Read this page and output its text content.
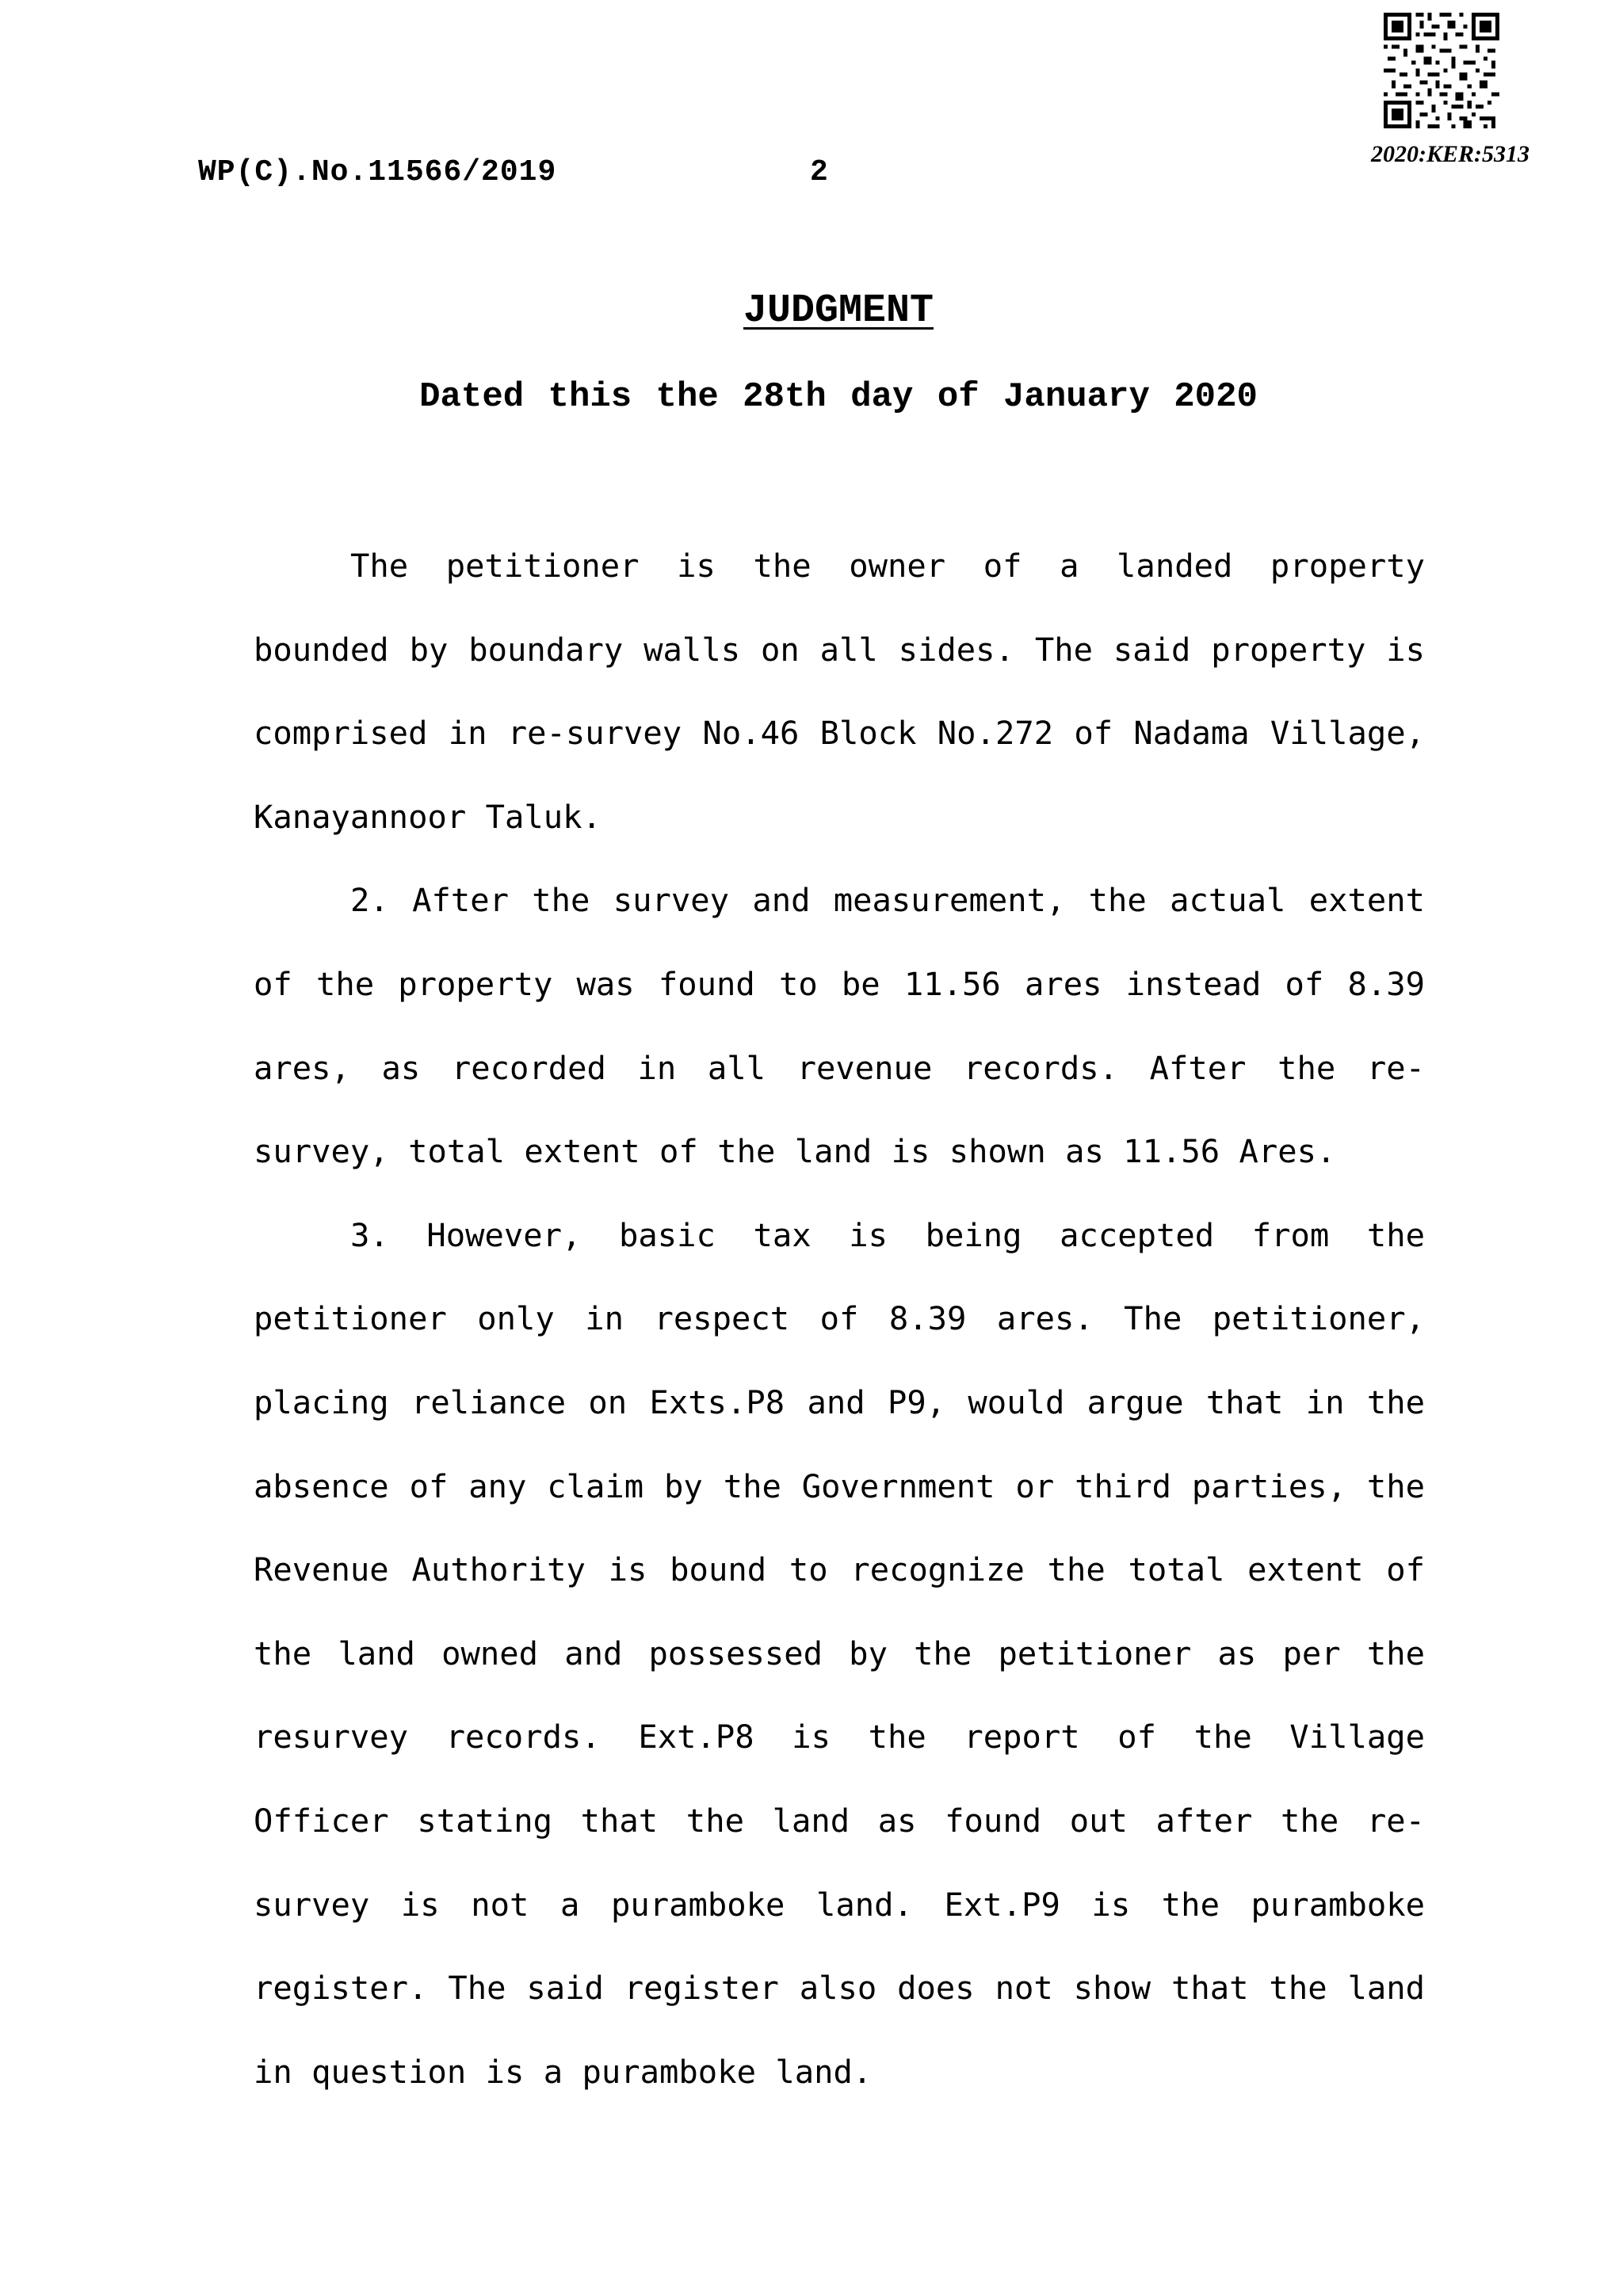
WP(C).No.11566/2019	2
2020:KER:5313
JUDGMENT
Dated this the 28th day of January 2020

The petitioner is the owner of a landed property bounded by boundary walls on all sides. The said property is comprised in re-survey No.46 Block No.272 of Nadama Village, Kanayannoor Taluk.

2. After the survey and measurement, the actual extent of the property was found to be 11.56 ares instead of 8.39 ares, as recorded in all revenue records. After the re-survey, total extent of the land is shown as 11.56 Ares.

3. However, basic tax is being accepted from the petitioner only in respect of 8.39 ares. The petitioner, placing reliance on Exts.P8 and P9, would argue that in the absence of any claim by the Government or third parties, the Revenue Authority is bound to recognize the total extent of the land owned and possessed by the petitioner as per the resurvey records. Ext.P8 is the report of the Village Officer stating that the land as found out after the re-survey is not a puramboke land. Ext.P9 is the puramboke register. The said register also does not show that the land in question is a puramboke land.
